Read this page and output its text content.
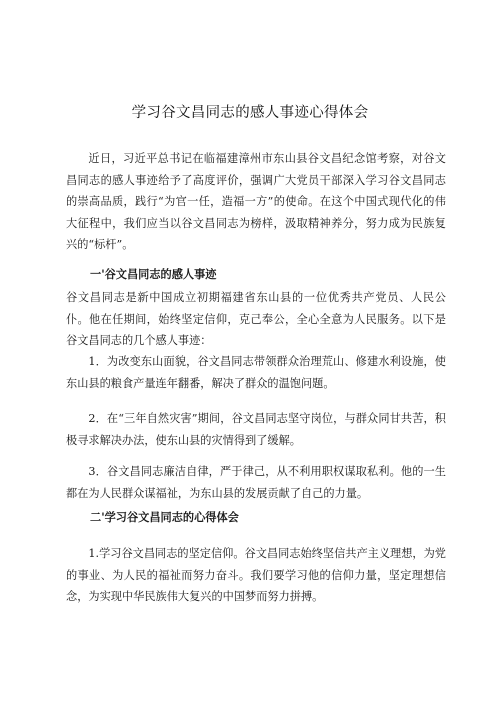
学习谷文昌同志的感人事迹心得体会

近日，习近平总书记在临福建漳州市东山县谷文昌纪念馆考察，对谷文昌同志的感人事迹给予了高度评价，强调广大党员干部深入学习谷文昌同志的崇高品质，践行“为官一任，造福一方”的使命。在这个中国式现代化的伟大征程中，我们应当以谷文昌同志为榜样，汲取精神养分，努力成为民族复兴的“标杆”。

一'谷文昌同志的感人事迹

谷文昌同志是新中国成立初期福建省东山县的一位优秀共产党员、人民公仆。他在任期间，始终坚定信仰，克己奉公，全心全意为人民服务。以下是谷文昌同志的几个感人事迹：

1．为改变东山面貌，谷文昌同志带领群众治理荒山、修建水利设施，使东山县的粮食产量连年翻番，解决了群众的温饱问题。

2．在“三年自然灾害”期间，谷文昌同志坚守岗位，与群众同甘共苦，积极寻求解决办法，使东山县的灾情得到了缓解。

3．谷文昌同志廉洁自律，严于律己，从不利用职权谋取私利。他的一生都在为人民群众谋福祉，为东山县的发展贡献了自己的力量。

二'学习谷文昌同志的心得体会

1.学习谷文昌同志的坚定信仰。谷文昌同志始终坚信共产主义理想，为党的事业、为人民的福祉而努力奋斗。我们要学习他的信仰力量，坚定理想信念，为实现中华民族伟大复兴的中国梦而努力拼搏。
